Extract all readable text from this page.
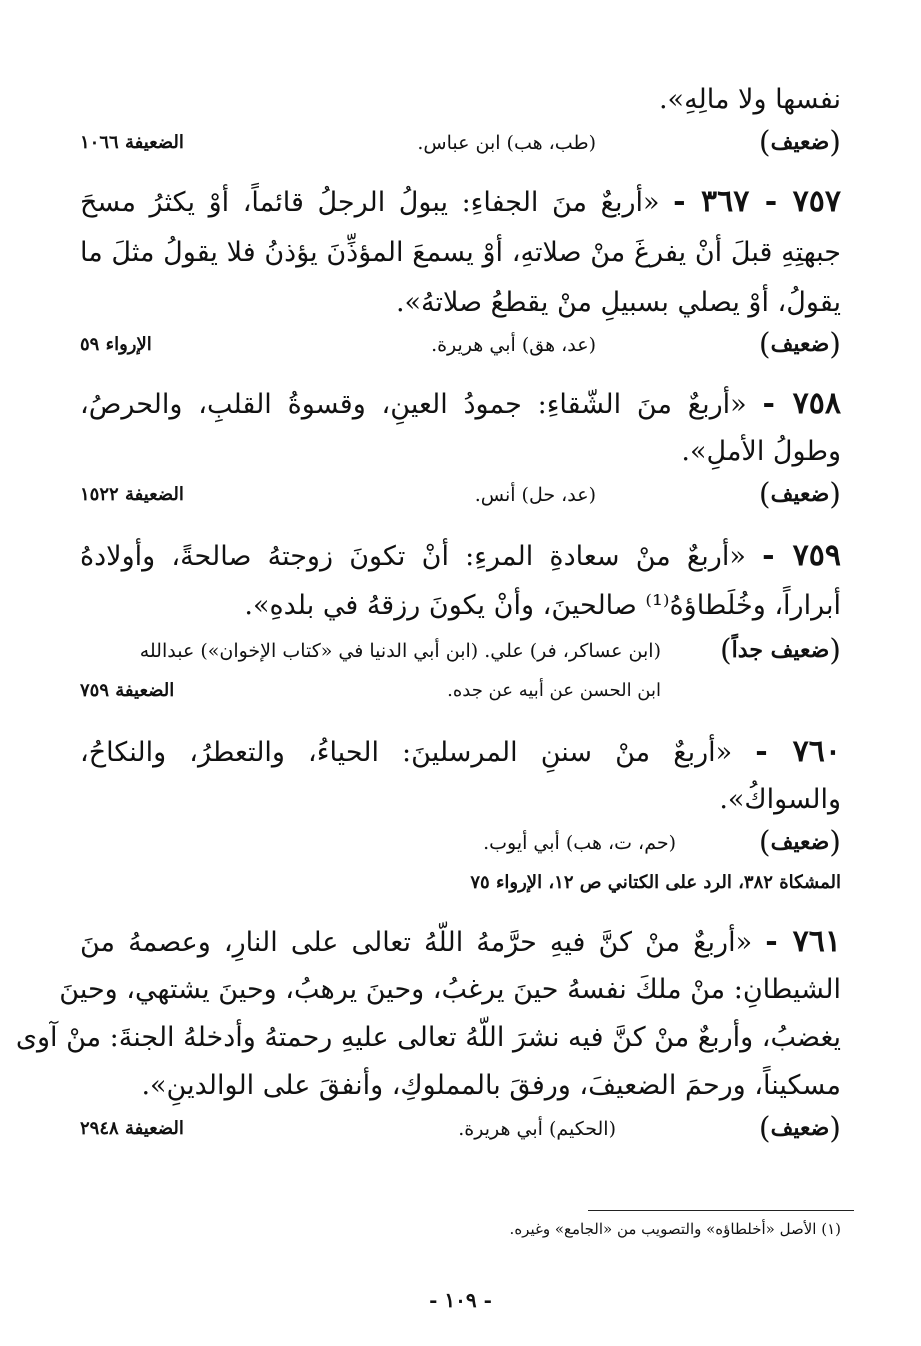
نفسها ولا مالِهِ».
(ضعيف)
(طب، هب) ابن عباس.
الضعيفة ١٠٦٦
٧٥٧ - ٣٦٧ - «أربعٌ منَ الجفاءِ: يبولُ الرجلُ قائماً، أوْ يكثرُ مسحَ
جبهتِهِ قبلَ أنْ يفرغَ منْ صلاتهِ، أوْ يسمعَ المؤذِّنَ يؤذنُ فلا يقولُ مثلَ ما
يقولُ، أوْ يصلي بسبيلِ منْ يقطعُ صلاتهُ».
(ضعيف)
(عد، هق) أبي هريرة.
الإرواء ٥٩
٧٥٨ - «أربعٌ منَ الشّقاءِ: جمودُ العينِ، وقسوةُ القلبِ، والحرصُ،
وطولُ الأملِ».
(ضعيف)
(عد، حل) أنس.
الضعيفة ١٥٢٢
٧٥٩ - «أربعٌ منْ سعادةِ المرءِ: أنْ تكونَ زوجتهُ صالحةً، وأولادهُ
أبراراً، وخُلَطاؤهُ⁽¹⁾ صالحينَ، وأنْ يكونَ رزقهُ في بلدهِ».
(ضعيف جداً)
(ابن عساكر، فر) علي. (ابن أبي الدنيا في «كتاب الإخوان») عبدالله
ابن الحسن عن أبيه عن جده.
الضعيفة ٧٥٩
٧٦٠ - «أربعٌ منْ سننِ المرسلينَ: الحياءُ، والتعطرُ، والنكاحُ،
والسواكُ».
(ضعيف)
(حم، ت، هب) أبي أيوب.
المشكاة ٣٨٢، الرد على الكتاني ص ١٢، الإرواء ٧٥
٧٦١ - «أربعٌ منْ كنَّ فيهِ حرَّمهُ اللّهُ تعالى على النارِ، وعصمهُ منَ
الشيطانِ: منْ ملكَ نفسهُ حينَ يرغبُ، وحينَ يرهبُ، وحينَ يشتهي، وحينَ
يغضبُ، وأربعٌ منْ كنَّ فيه نشرَ اللّهُ تعالى عليهِ رحمتهُ وأدخلهُ الجنةَ: منْ آوى
مسكيناً، ورحمَ الضعيفَ، ورفقَ بالمملوكِ، وأنفقَ على الوالدينِ».
(ضعيف)
(الحكيم) أبي هريرة.
الضعيفة ٢٩٤٨
(١) الأصل «أخلطاؤه» والتصويب من «الجامع» وغيره.
- ١٠٩ -
